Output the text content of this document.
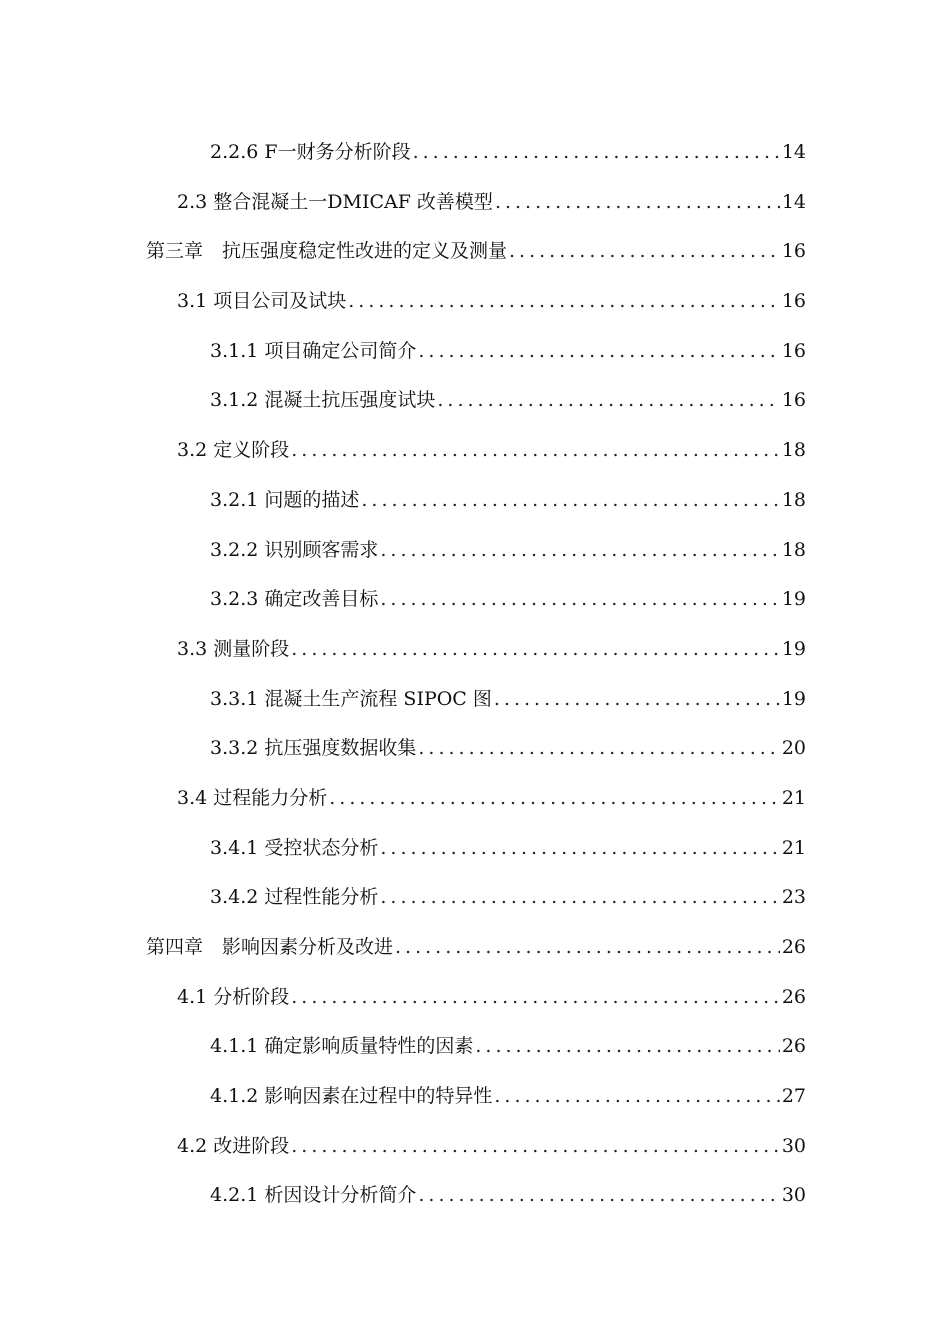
2.2.6 F一财务分析阶段 .....	14
2.3 整合混凝土一DMICAF 改善模型 .....	14
第三章　抗压强度稳定性改进的定义及测量 .....	16
3.1 项目公司及试块 .....	16
3.1.1 项目确定公司简介 .....	16
3.1.2 混凝土抗压强度试块 .....	16
3.2 定义阶段 .....	18
3.2.1 问题的描述 .....	18
3.2.2 识别顾客需求 .....	18
3.2.3 确定改善目标 .....	19
3.3 测量阶段 .....	19
3.3.1 混凝土生产流程 SIPOC 图 .....	19
3.3.2 抗压强度数据收集 .....	20
3.4 过程能力分析 .....	21
3.4.1 受控状态分析 .....	21
3.4.2 过程性能分析 .....	23
第四章　影响因素分析及改进 .....	26
4.1 分析阶段 .....	26
4.1.1 确定影响质量特性的因素 .....	26
4.1.2 影响因素在过程中的特异性 .....	27
4.2 改进阶段 .....	30
4.2.1 析因设计分析简介 .....	30
